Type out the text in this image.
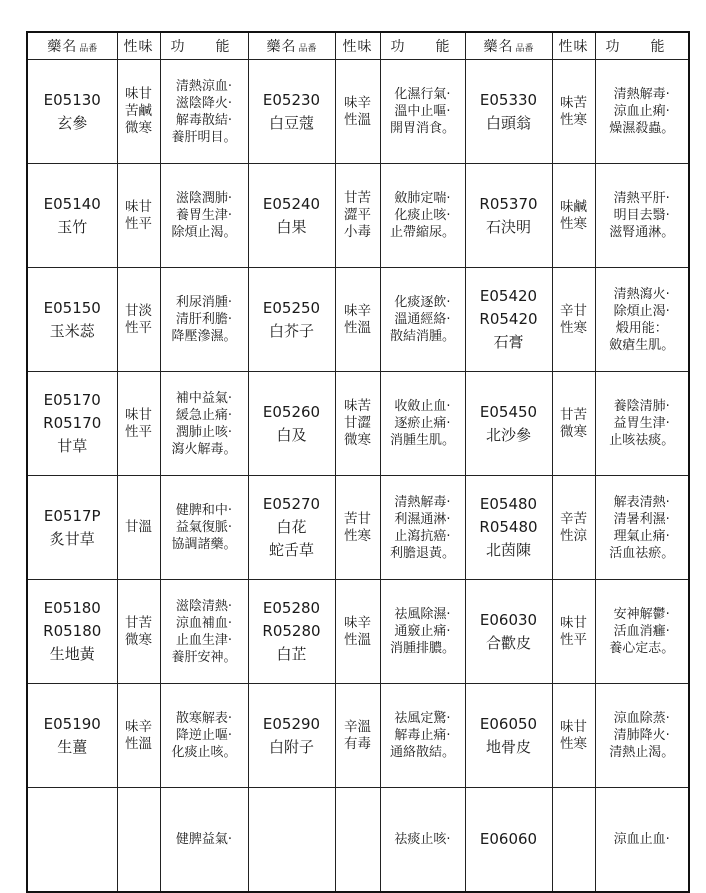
藥名 品番	性味	功 能	藥名 品番	性味	功 能	藥名 品番	性味	功 能

E05130
玄參	味甘
苦鹹
微寒	清熱涼血·
滋陰降火·
解毒散結·
養肝明目。	E05230
白豆蔻	味辛
性溫	化濕行氣·
溫中止嘔·
開胃消食。	E05330
白頭翁	味苦
性寒	清熱解毒·
涼血止痢·
燥濕殺蟲。

E05140
玉竹	味甘
性平	滋陰潤肺·
養胃生津·
除煩止渴。	E05240
白果	甘苦
澀平
小毒	斂肺定喘·
化痰止咳·
止帶縮尿。	R05370
石決明	味鹹
性寒	清熱平肝·
明目去翳·
滋腎通淋。

E05150
玉米蕊	甘淡
性平	利尿消腫·
清肝利膽·
降壓滲濕。	E05250
白芥子	味辛
性溫	化痰逐飲·
溫通經絡·
散結消腫。	E05420
R05420
石膏	辛甘
性寒	清熱瀉火·
除煩止渴·
煅用能：
斂瘡生肌。

E05170
R05170
甘草	味甘
性平	補中益氣·
緩急止痛·
潤肺止咳·
瀉火解毒。	E05260
白及	味苦
甘澀
微寒	收斂止血·
逐瘀止痛·
消腫生肌。	E05450
北沙參	甘苦
微寒	養陰清肺·
益胃生津·
止咳祛痰。

E0517P
炙甘草	甘溫	健脾和中·
益氣復脈·
協調諸藥。	E05270
白花
蛇舌草	苦甘
性寒	清熱解毒·
利濕通淋·
止瀉抗癌·
利膽退黃。	E05480
R05480
北茵陳	辛苦
性涼	解表清熱·
清暑利濕·
理氣止痛·
活血祛瘀。

E05180
R05180
生地黃	甘苦
微寒	滋陰清熱·
涼血補血·
止血生津·
養肝安神。	E05280
R05280
白芷	味辛
性溫	祛風除濕·
通竅止痛·
消腫排膿。	E06030
合歡皮	味甘
性平	安神解鬱·
活血消癰·
養心定志。

E05190
生薑	味辛
性溫	散寒解表·
降逆止嘔·
化痰止咳。	E05290
白附子	辛溫
有毒	祛風定驚·
解毒止痛·
通絡散結。	E06050
地骨皮	味甘
性寒	涼血除蒸·
清肺降火·
清熱止渴。

		健脾益氣·			祛痰止咳·	E06060		涼血止血·
